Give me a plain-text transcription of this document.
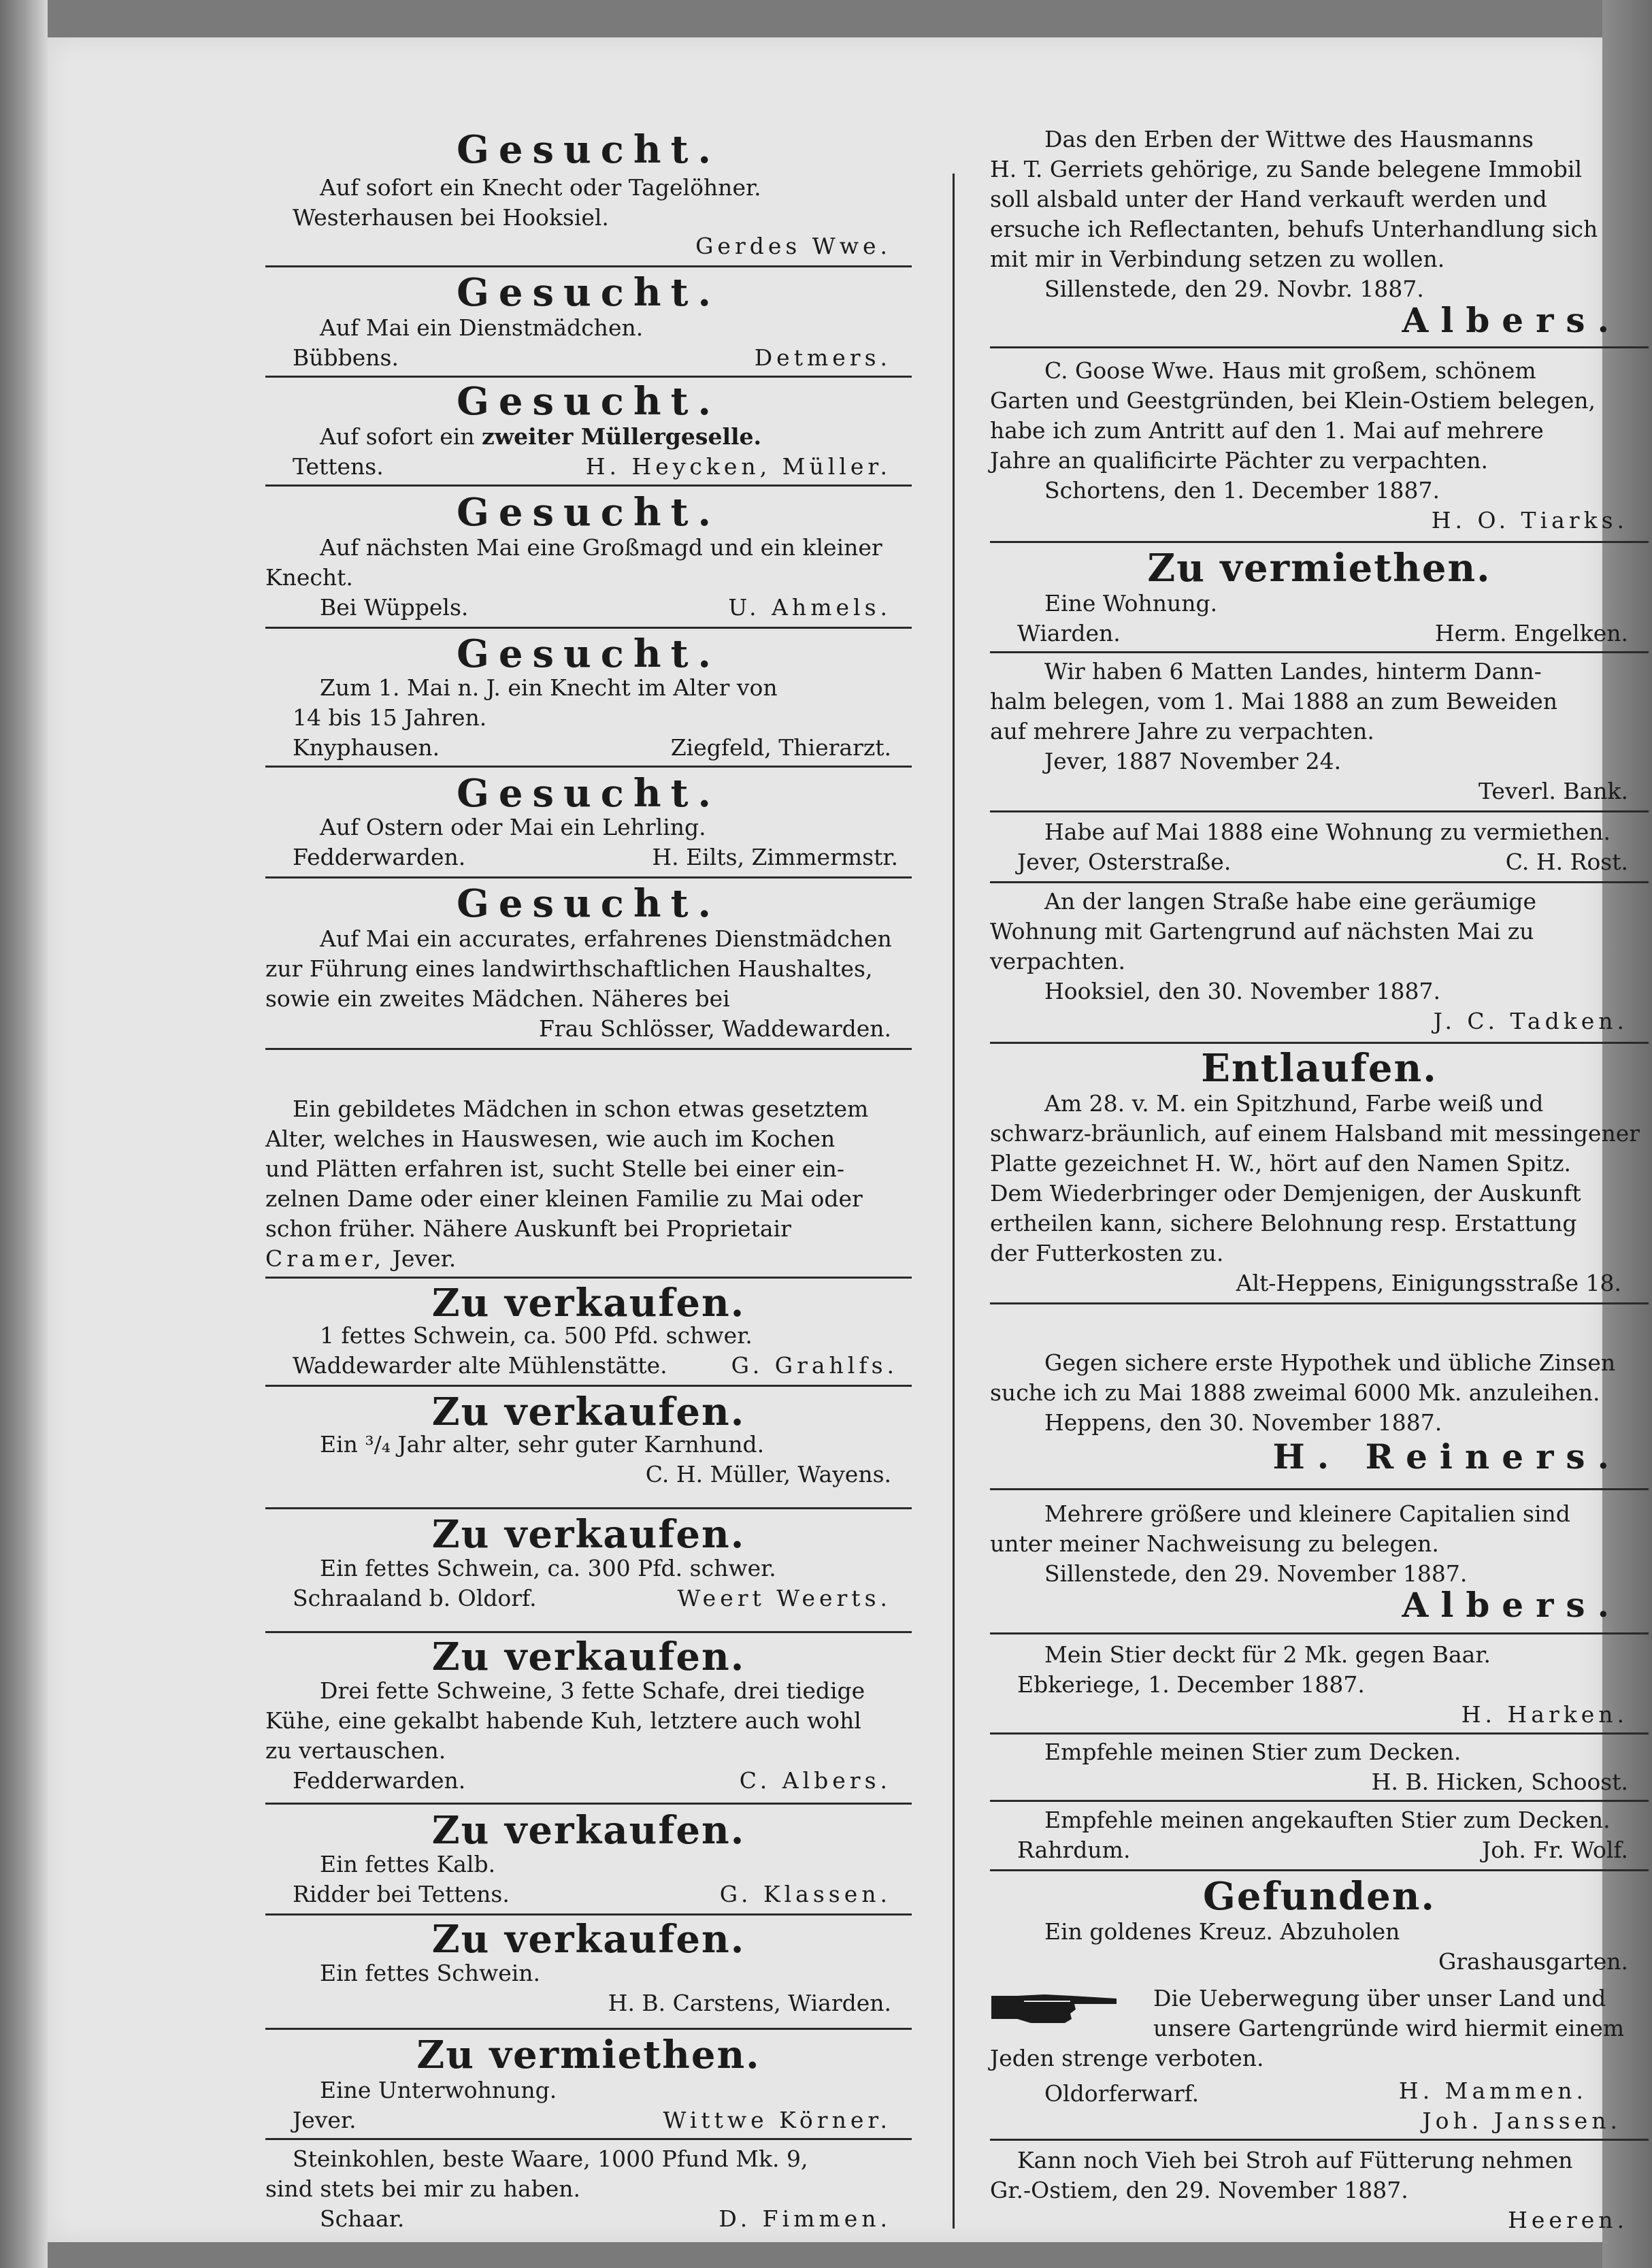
Gesucht.
Auf sofort ein Knecht oder Tagelöhner.
Westerhausen bei Hooksiel.
Gerdes Wwe.
Gesucht.
Auf Mai ein Dienstmädchen.
Bübbens.	Detmers.
Gesucht.
Auf sofort ein zweiter Müllergeselle.
Tettens.	H. Heycken, Müller.
Gesucht.
Auf nächsten Mai eine Großmagd und ein kleiner
Knecht.
Bei Wüppels.	U. Ahmels.
Gesucht.
Zum 1. Mai n. J. ein Knecht im Alter von
14 bis 15 Jahren.
Knyphausen.	Ziegfeld, Thierarzt.
Gesucht.
Auf Ostern oder Mai ein Lehrling.
Fedderwarden.	H. Eilts, Zimmermstr.
Gesucht.
Auf Mai ein accurates, erfahrenes Dienstmädchen
zur Führung eines landwirthschaftlichen Haushaltes,
sowie ein zweites Mädchen. Näheres bei
Frau Schlösser, Waddewarden.
Ein gebildetes Mädchen in schon etwas gesetztem
Alter, welches in Hauswesen, wie auch im Kochen
und Plätten erfahren ist, sucht Stelle bei einer ein-
zelnen Dame oder einer kleinen Familie zu Mai oder
schon früher. Nähere Auskunft bei Proprietair
Cramer, Jever.
Zu verkaufen.
1 fettes Schwein, ca. 500 Pfd. schwer.
Waddewarder alte Mühlenstätte.	G. Grahlfs.
Zu verkaufen.
Ein ³/₄ Jahr alter, sehr guter Karnhund.
C. H. Müller, Wayens.
Zu verkaufen.
Ein fettes Schwein, ca. 300 Pfd. schwer.
Schraaland b. Oldorf.	Weert Weerts.
Zu verkaufen.
Drei fette Schweine, 3 fette Schafe, drei tiedige
Kühe, eine gekalbt habende Kuh, letztere auch wohl
zu vertauschen.
Fedderwarden.	C. Albers.
Zu verkaufen.
Ein fettes Kalb.
Ridder bei Tettens.	G. Klassen.
Zu verkaufen.
Ein fettes Schwein.
H. B. Carstens, Wiarden.
Zu vermiethen.
Eine Unterwohnung.
Jever.	Wittwe Körner.
Steinkohlen, beste Waare, 1000 Pfund Mk. 9,
sind stets bei mir zu haben.
Schaar.	D. Fimmen.
Das den Erben der Wittwe des Hausmanns
H. T. Gerriets gehörige, zu Sande belegene Immobil
soll alsbald unter der Hand verkauft werden und
ersuche ich Reflectanten, behufs Unterhandlung sich
mit mir in Verbindung setzen zu wollen.
Sillenstede, den 29. Novbr. 1887.
Albers.
C. Goose Wwe. Haus mit großem, schönem
Garten und Geestgründen, bei Klein-Ostiem belegen,
habe ich zum Antritt auf den 1. Mai auf mehrere
Jahre an qualificirte Pächter zu verpachten.
Schortens, den 1. December 1887.
H. O. Tiarks.
Zu vermiethen.
Eine Wohnung.
Wiarden.	Herm. Engelken.
Wir haben 6 Matten Landes, hinterm Dann-
halm belegen, vom 1. Mai 1888 an zum Beweiden
auf mehrere Jahre zu verpachten.
Jever, 1887 November 24.
Teverl. Bank.
Habe auf Mai 1888 eine Wohnung zu vermiethen.
Jever, Osterstraße.	C. H. Rost.
An der langen Straße habe eine geräumige
Wohnung mit Gartengrund auf nächsten Mai zu
verpachten.
Hooksiel, den 30. November 1887.
J. C. Tadken.
Entlaufen.
Am 28. v. M. ein Spitzhund, Farbe weiß und
schwarz-bräunlich, auf einem Halsband mit messingener
Platte gezeichnet H. W., hört auf den Namen Spitz.
Dem Wiederbringer oder Demjenigen, der Auskunft
ertheilen kann, sichere Belohnung resp. Erstattung
der Futterkosten zu.
Alt-Heppens, Einigungsstraße 18.
Gegen sichere erste Hypothek und übliche Zinsen
suche ich zu Mai 1888 zweimal 6000 Mk. anzuleihen.
Heppens, den 30. November 1887.
H. Reiners.
Mehrere größere und kleinere Capitalien sind
unter meiner Nachweisung zu belegen.
Sillenstede, den 29. November 1887.
Albers.
Mein Stier deckt für 2 Mk. gegen Baar.
Ebkeriege, 1. December 1887.
H. Harken.
Empfehle meinen Stier zum Decken.
H. B. Hicken, Schoost.
Empfehle meinen angekauften Stier zum Decken.
Rahrdum.	Joh. Fr. Wolf.
Gefunden.
Ein goldenes Kreuz. Abzuholen
Grashausgarten.
Die Ueberwegung über unser Land und
unsere Gartengründe wird hiermit einem
Jeden strenge verboten.
Oldorferwarf.	H. Mammen.
Joh. Janssen.
Kann noch Vieh bei Stroh auf Fütterung nehmen
Gr.-Ostiem, den 29. November 1887.
Heeren.
